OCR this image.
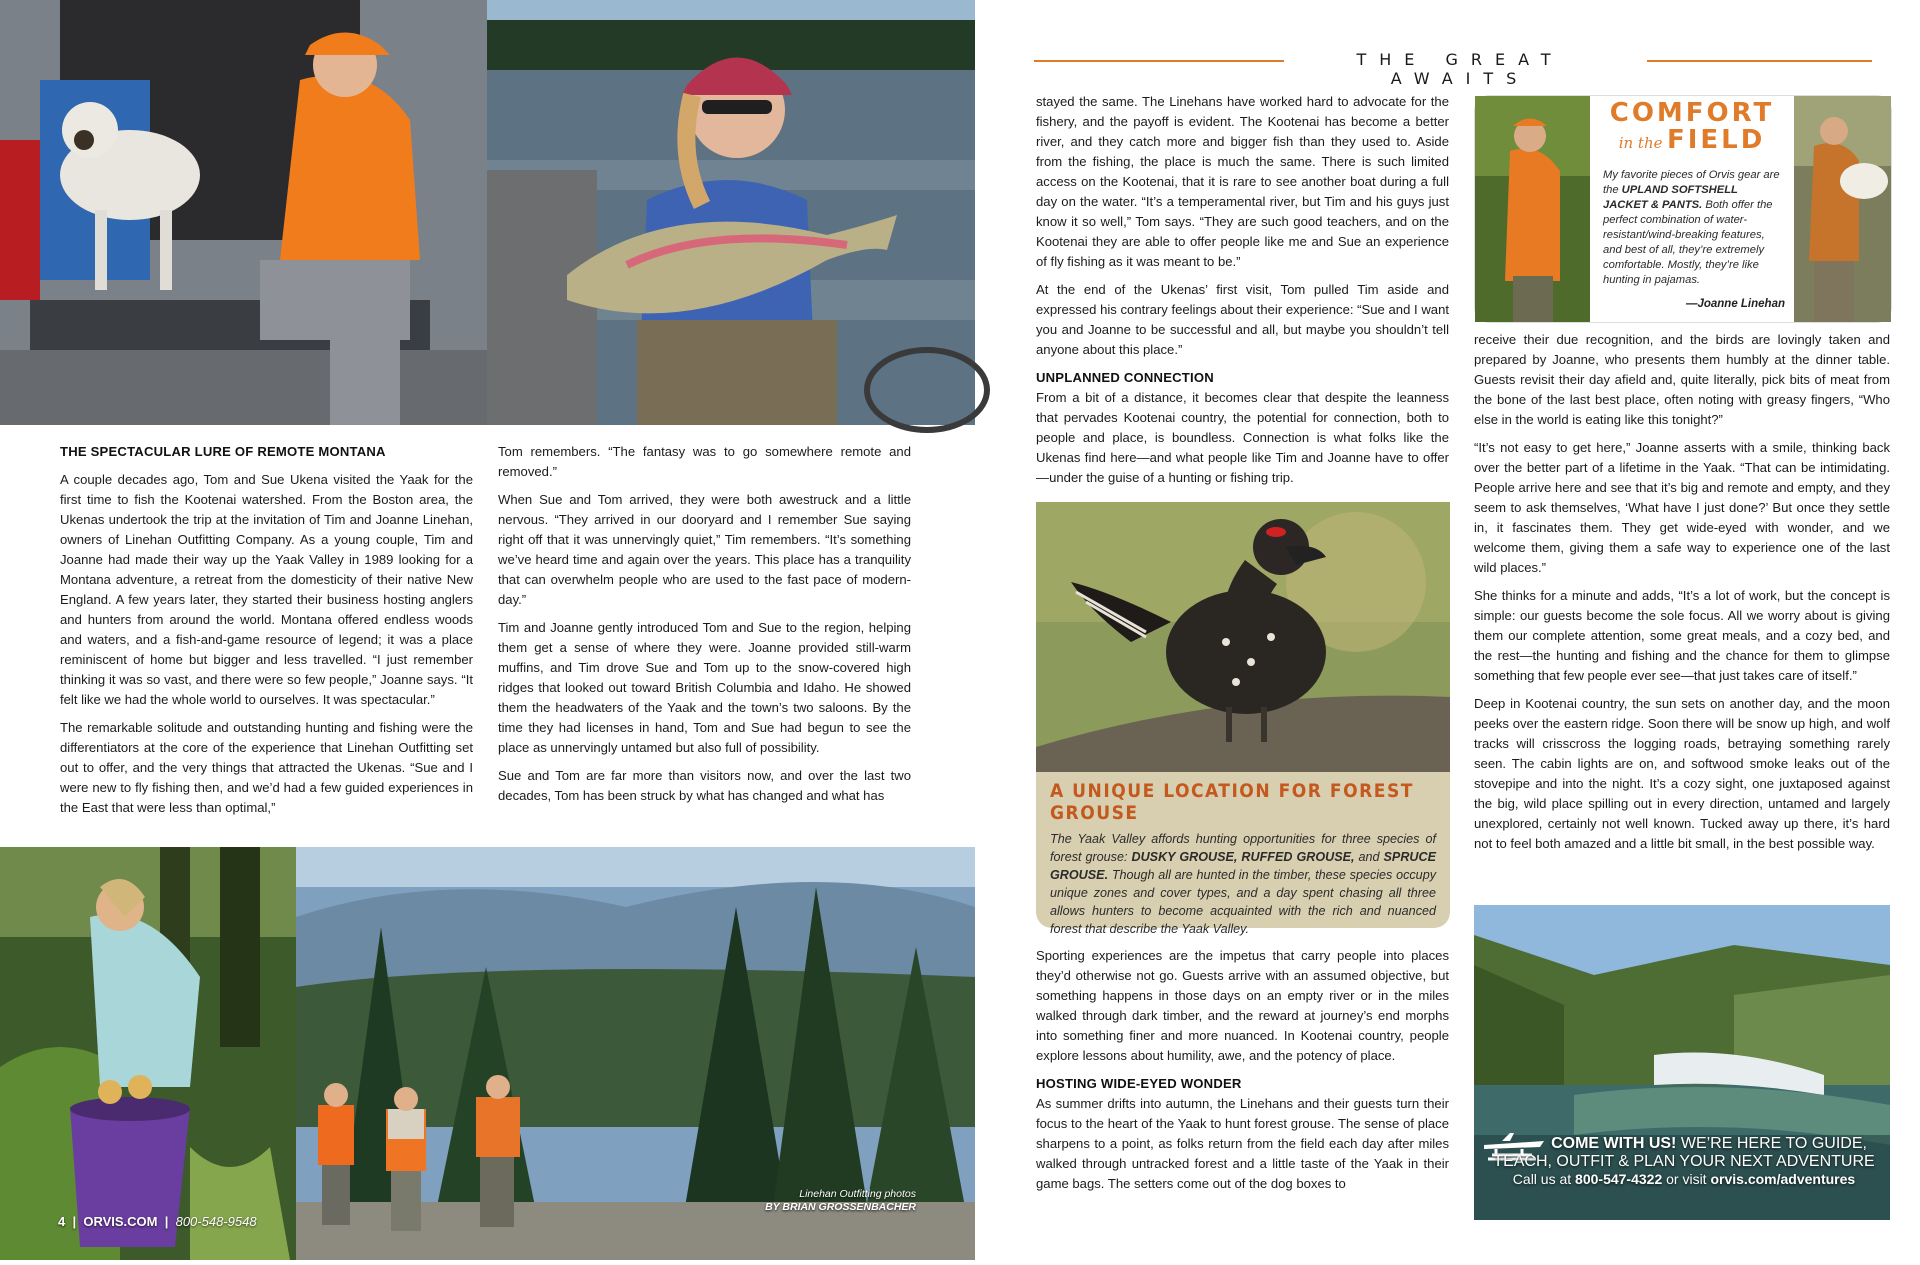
Linehan Outfitting photos
BY BRIAN GROSSENBACHER
4  |  ORVIS.COM  |  800-548-9548

THE SPECTACULAR LURE OF REMOTE MONTANA

A couple decades ago, Tom and Sue Ukena visited the Yaak for the first time to fish the Kootenai watershed. From the Boston area, the Ukenas undertook the trip at the invitation of Tim and Joanne Linehan, owners of Linehan Outfitting Company. As a young couple, Tim and Joanne had made their way up the Yaak Valley in 1989 looking for a Montana adventure, a retreat from the domesticity of their native New England. A few years later, they started their business hosting anglers and hunters from around the world. Montana offered endless woods and waters, and a fish-and-game resource of legend; it was a place reminiscent of home but bigger and less travelled. “I just remember thinking it was so vast, and there were so few people,” Joanne says. “It felt like we had the whole world to ourselves. It was spectacular.”

The remarkable solitude and outstanding hunting and fishing were the differentiators at the core of the experience that Linehan Outfitting set out to offer, and the very things that attracted the Ukenas. “Sue and I were new to fly fishing then, and we’d had a few guided experiences in the East that were less than optimal,”

Tom remembers. “The fantasy was to go somewhere remote and removed.”

When Sue and Tom arrived, they were both awestruck and a little nervous. “They arrived in our dooryard and I remember Sue saying right off that it was unnervingly quiet,” Tim remembers. “It’s something we’ve heard time and again over the years. This place has a tranquility that can overwhelm people who are used to the fast pace of modern-day.”

Tim and Joanne gently introduced Tom and Sue to the region, helping them get a sense of where they were. Joanne provided still-warm muffins, and Tim drove Sue and Tom up to the snow-covered high ridges that looked out toward British Columbia and Idaho. He showed them the headwaters of the Yaak and the town’s two saloons. By the time they had licenses in hand, Tom and Sue had begun to see the place as unnervingly untamed but also full of possibility.

Sue and Tom are far more than visitors now, and over the last two decades, Tom has been struck by what has changed and what has

THE GREAT AWAITS

stayed the same. The Linehans have worked hard to advocate for the fishery, and the payoff is evident. The Kootenai has become a better river, and they catch more and bigger fish than they used to. Aside from the fishing, the place is much the same. There is such limited access on the Kootenai, that it is rare to see another boat during a full day on the water. “It’s a temperamental river, but Tim and his guys just know it so well,” Tom says. “They are such good teachers, and on the Kootenai they are able to offer people like me and Sue an experience of fly fishing as it was meant to be.”

At the end of the Ukenas’ first visit, Tom pulled Tim aside and expressed his contrary feelings about their experience: “Sue and I want you and Joanne to be successful and all, but maybe you shouldn’t tell anyone about this place.”

UNPLANNED CONNECTION

From a bit of a distance, it becomes clear that despite the leanness that pervades Kootenai country, the potential for connection, both to people and place, is boundless. Connection is what folks like the Ukenas find here—and what people like Tim and Joanne have to offer—under the guise of a hunting or fishing trip.

A UNIQUE LOCATION FOR FOREST GROUSE
The Yaak Valley affords hunting opportunities for three species of forest grouse: DUSKY GROUSE, RUFFED GROUSE, and SPRUCE GROUSE. Though all are hunted in the timber, these species occupy unique zones and cover types, and a day spent chasing all three allows hunters to become acquainted with the rich and nuanced forest that describe the Yaak Valley.

Sporting experiences are the impetus that carry people into places they’d otherwise not go. Guests arrive with an assumed objective, but something happens in those days on an empty river or in the miles walked through dark timber, and the reward at journey’s end morphs into something finer and more nuanced. In Kootenai country, people explore lessons about humility, awe, and the potency of place.

HOSTING WIDE-EYED WONDER

As summer drifts into autumn, the Linehans and their guests turn their focus to the heart of the Yaak to hunt forest grouse. The sense of place sharpens to a point, as folks return from the field each day after miles walked through untracked forest and a little taste of the Yaak in their game bags. The setters come out of the dog boxes to

COMFORT
in the FIELD
My favorite pieces of Orvis gear are the UPLAND SOFTSHELL JACKET & PANTS. Both offer the perfect combination of water-resistant/wind-breaking features, and best of all, they’re extremely comfortable. Mostly, they’re like hunting in pajamas.
—Joanne Linehan

receive their due recognition, and the birds are lovingly taken and prepared by Joanne, who presents them humbly at the dinner table. Guests revisit their day afield and, quite literally, pick bits of meat from the bone of the last best place, often noting with greasy fingers, “Who else in the world is eating like this tonight?”

“It’s not easy to get here,” Joanne asserts with a smile, thinking back over the better part of a lifetime in the Yaak. “That can be intimidating. People arrive here and see that it’s big and remote and empty, and they seem to ask themselves, ‘What have I just done?’ But once they settle in, it fascinates them. They get wide-eyed with wonder, and we welcome them, giving them a safe way to experience one of the last wild places.”

She thinks for a minute and adds, “It’s a lot of work, but the concept is simple: our guests become the sole focus. All we worry about is giving them our complete attention, some great meals, and a cozy bed, and the rest—the hunting and fishing and the chance for them to glimpse something that few people ever see—that just takes care of itself.”

Deep in Kootenai country, the sun sets on another day, and the moon peeks over the eastern ridge. Soon there will be snow up high, and wolf tracks will crisscross the logging roads, betraying something rarely seen. The cabin lights are on, and softwood smoke leaks out of the stovepipe and into the night. It’s a cozy sight, one juxtaposed against the big, wild place spilling out in every direction, untamed and largely unexplored, certainly not well known. Tucked away up there, it’s hard not to feel both amazed and a little bit small, in the best possible way.

COME WITH US! WE’RE HERE TO GUIDE,
TEACH, OUTFIT & PLAN YOUR NEXT ADVENTURE
Call us at 800-547-4322 or visit orvis.com/adventures
